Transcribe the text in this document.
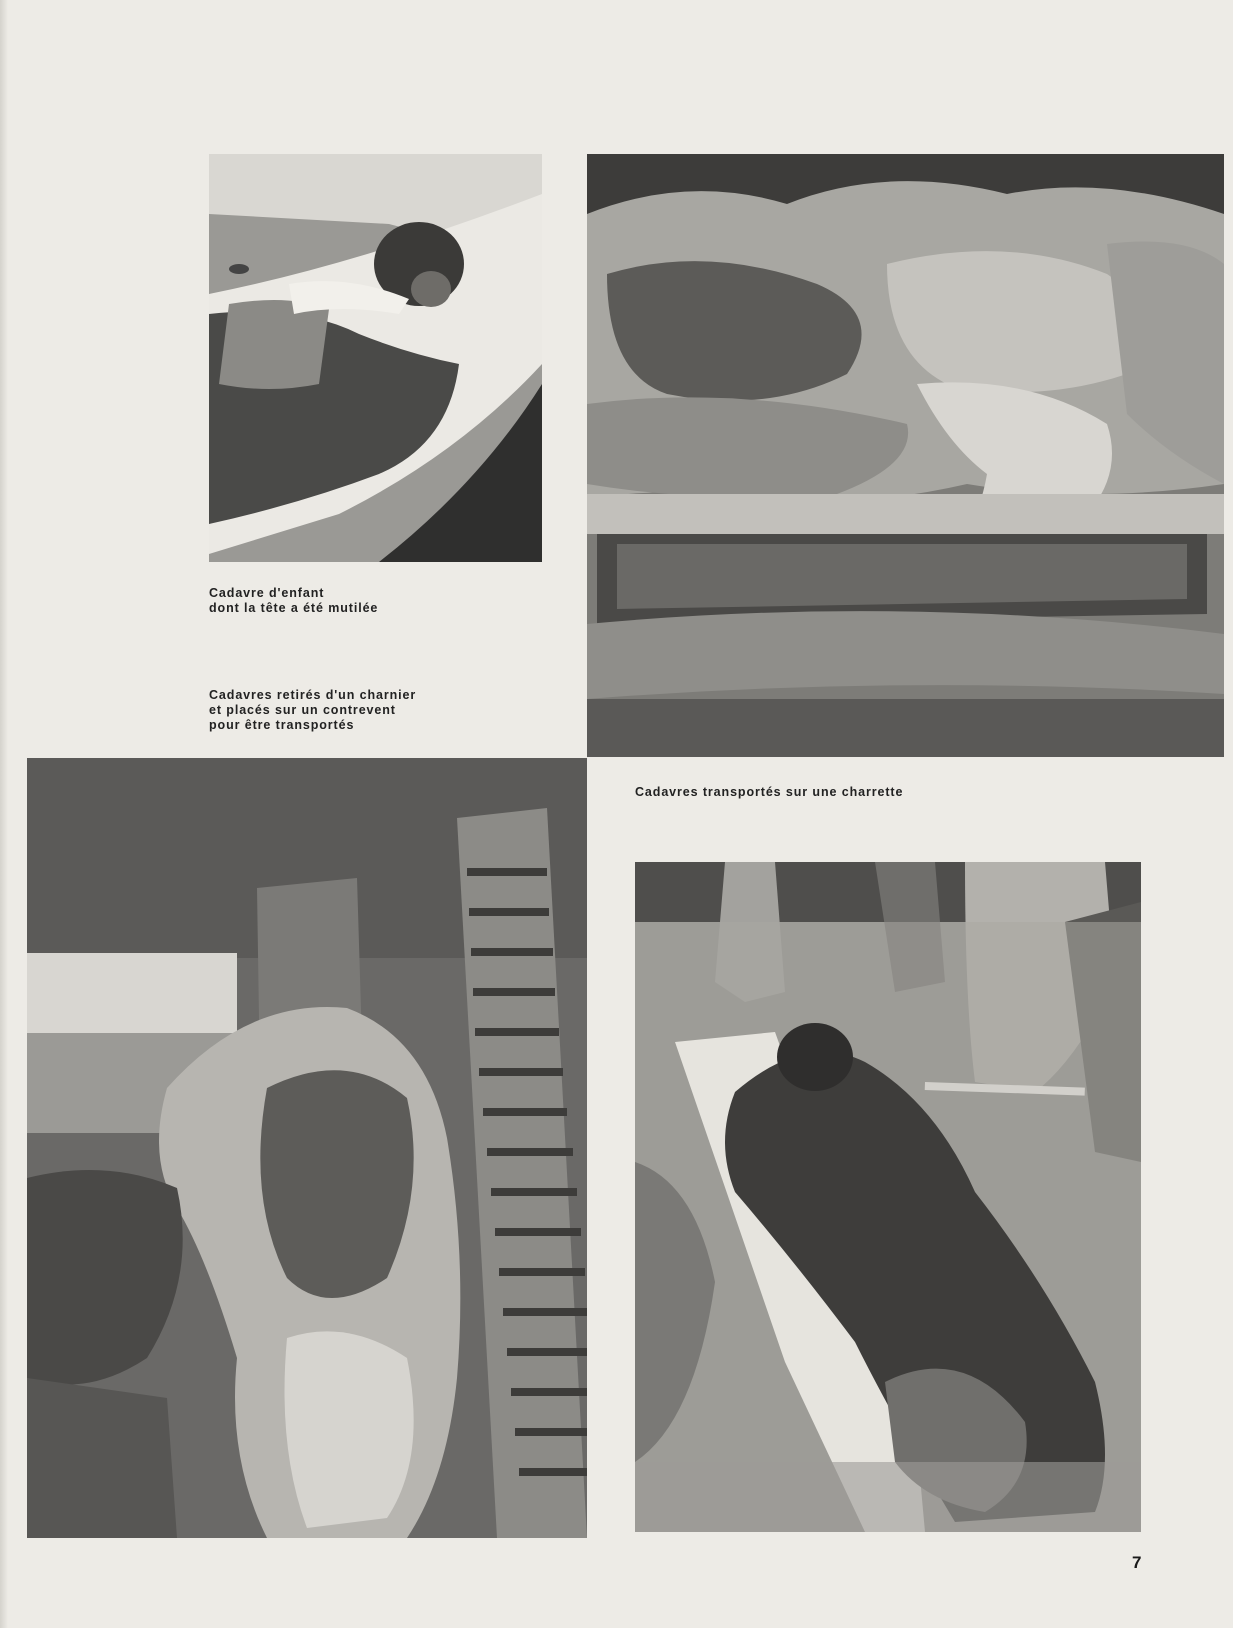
Cadavre d'enfant
dont la tête a été mutilée
Cadavres retirés d'un charnier
et placés sur un contrevent
pour être transportés
Cadavres transportés sur une charrette
7
